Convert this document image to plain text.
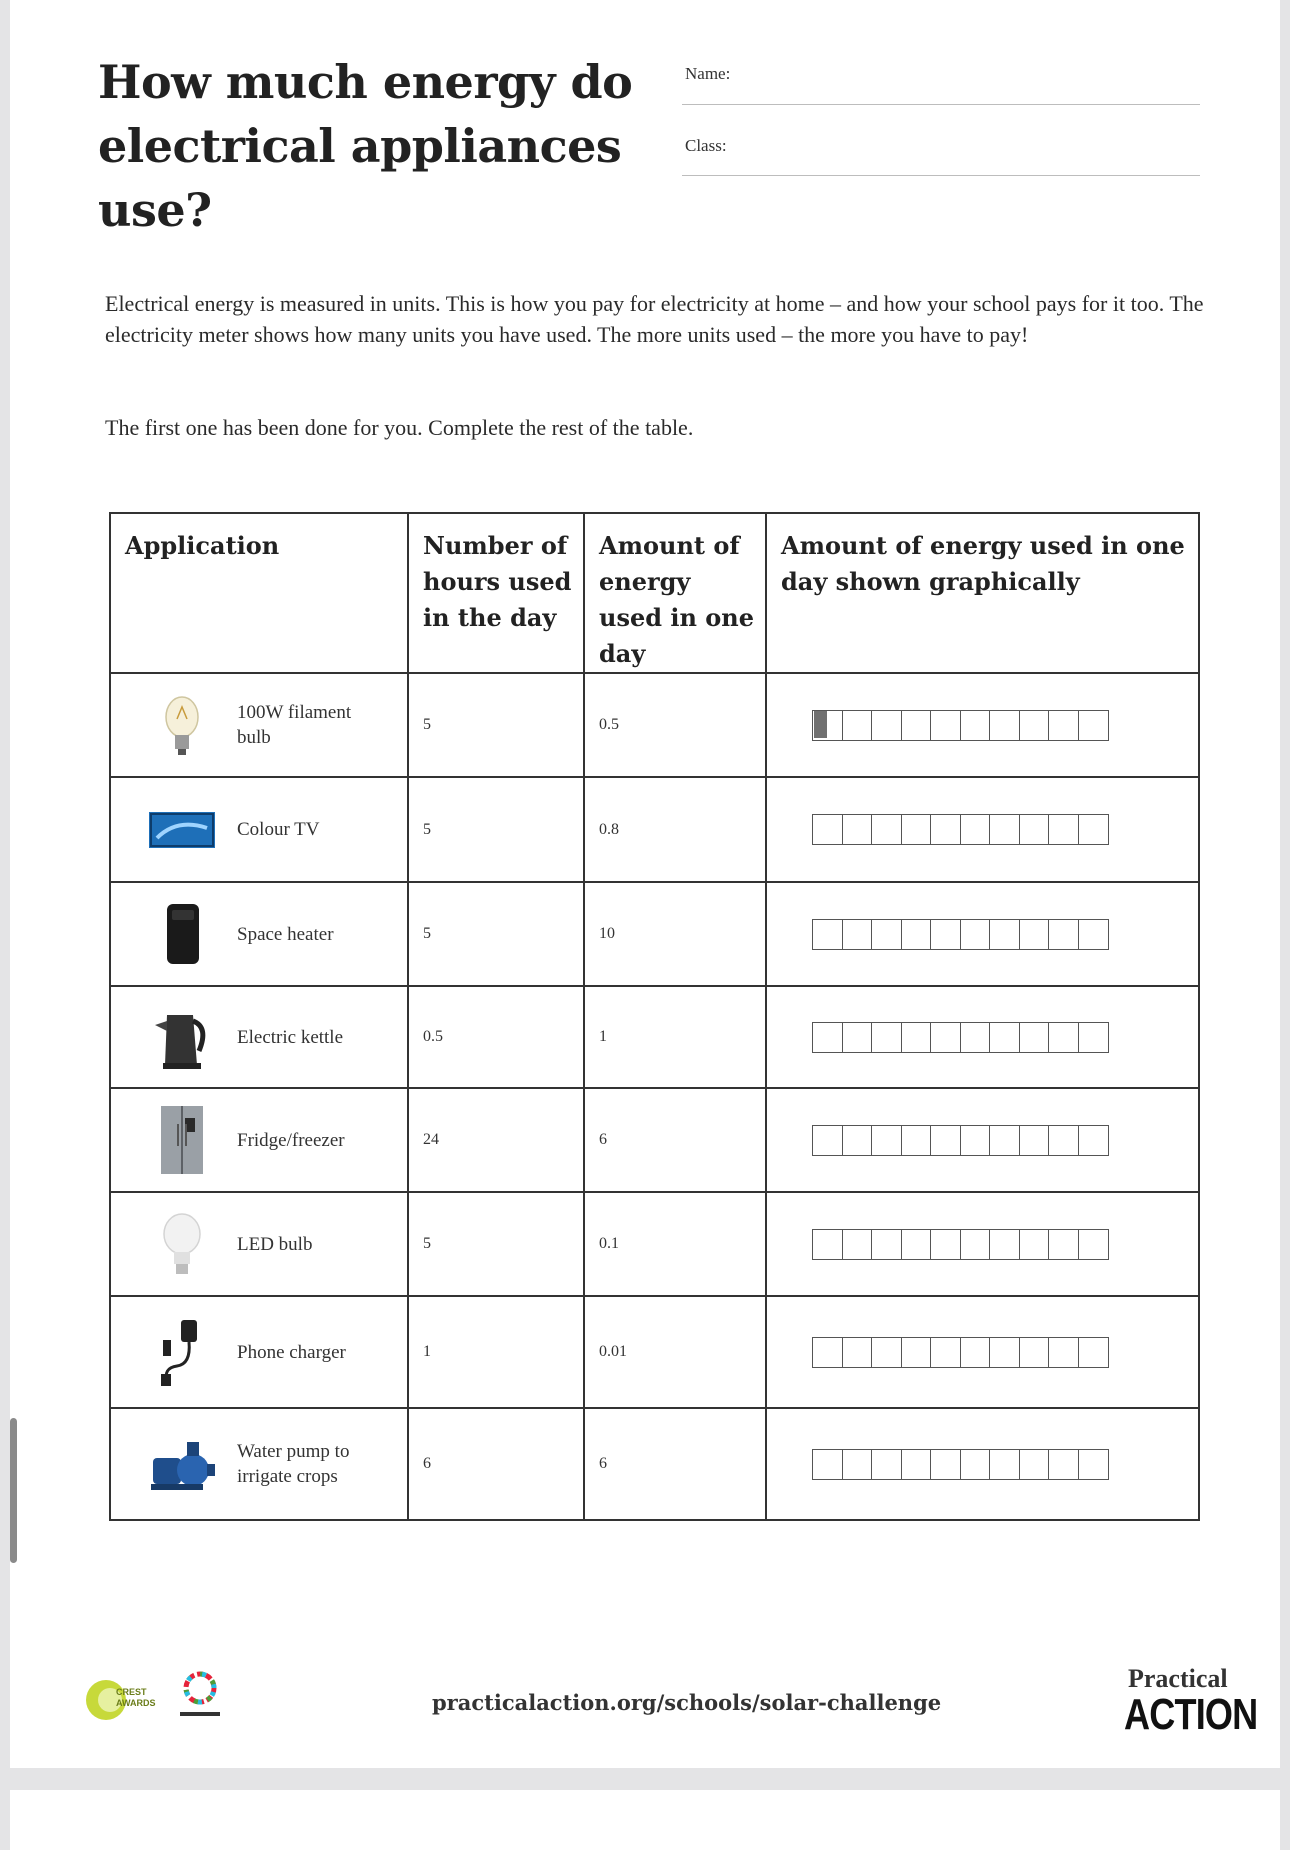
How much energy do electrical appliances use?
Name:
Class:

Electrical energy is measured in units. This is how you pay for electricity at home – and how your school pays for it too. The electricity meter shows how many units you have used. The more units used – the more you have to pay!

The first one has been done for you. Complete the rest of the table.

Application	Number of hours used in the day	Amount of energy used in one day	Amount of energy used in one day shown graphically

100W filament bulb	5	0.5	

Colour TV	5	0.8	

Space heater	5	10	

Electric kettle	0.5	1	

Fridge/freezer	24	6	

LED bulb	5	0.1	

Phone charger	1	0.01	

Water pump to irrigate crops	6	6	
CREST
AWARDS	practicalaction.org/schools/solar-challenge
Practical
ACTION
